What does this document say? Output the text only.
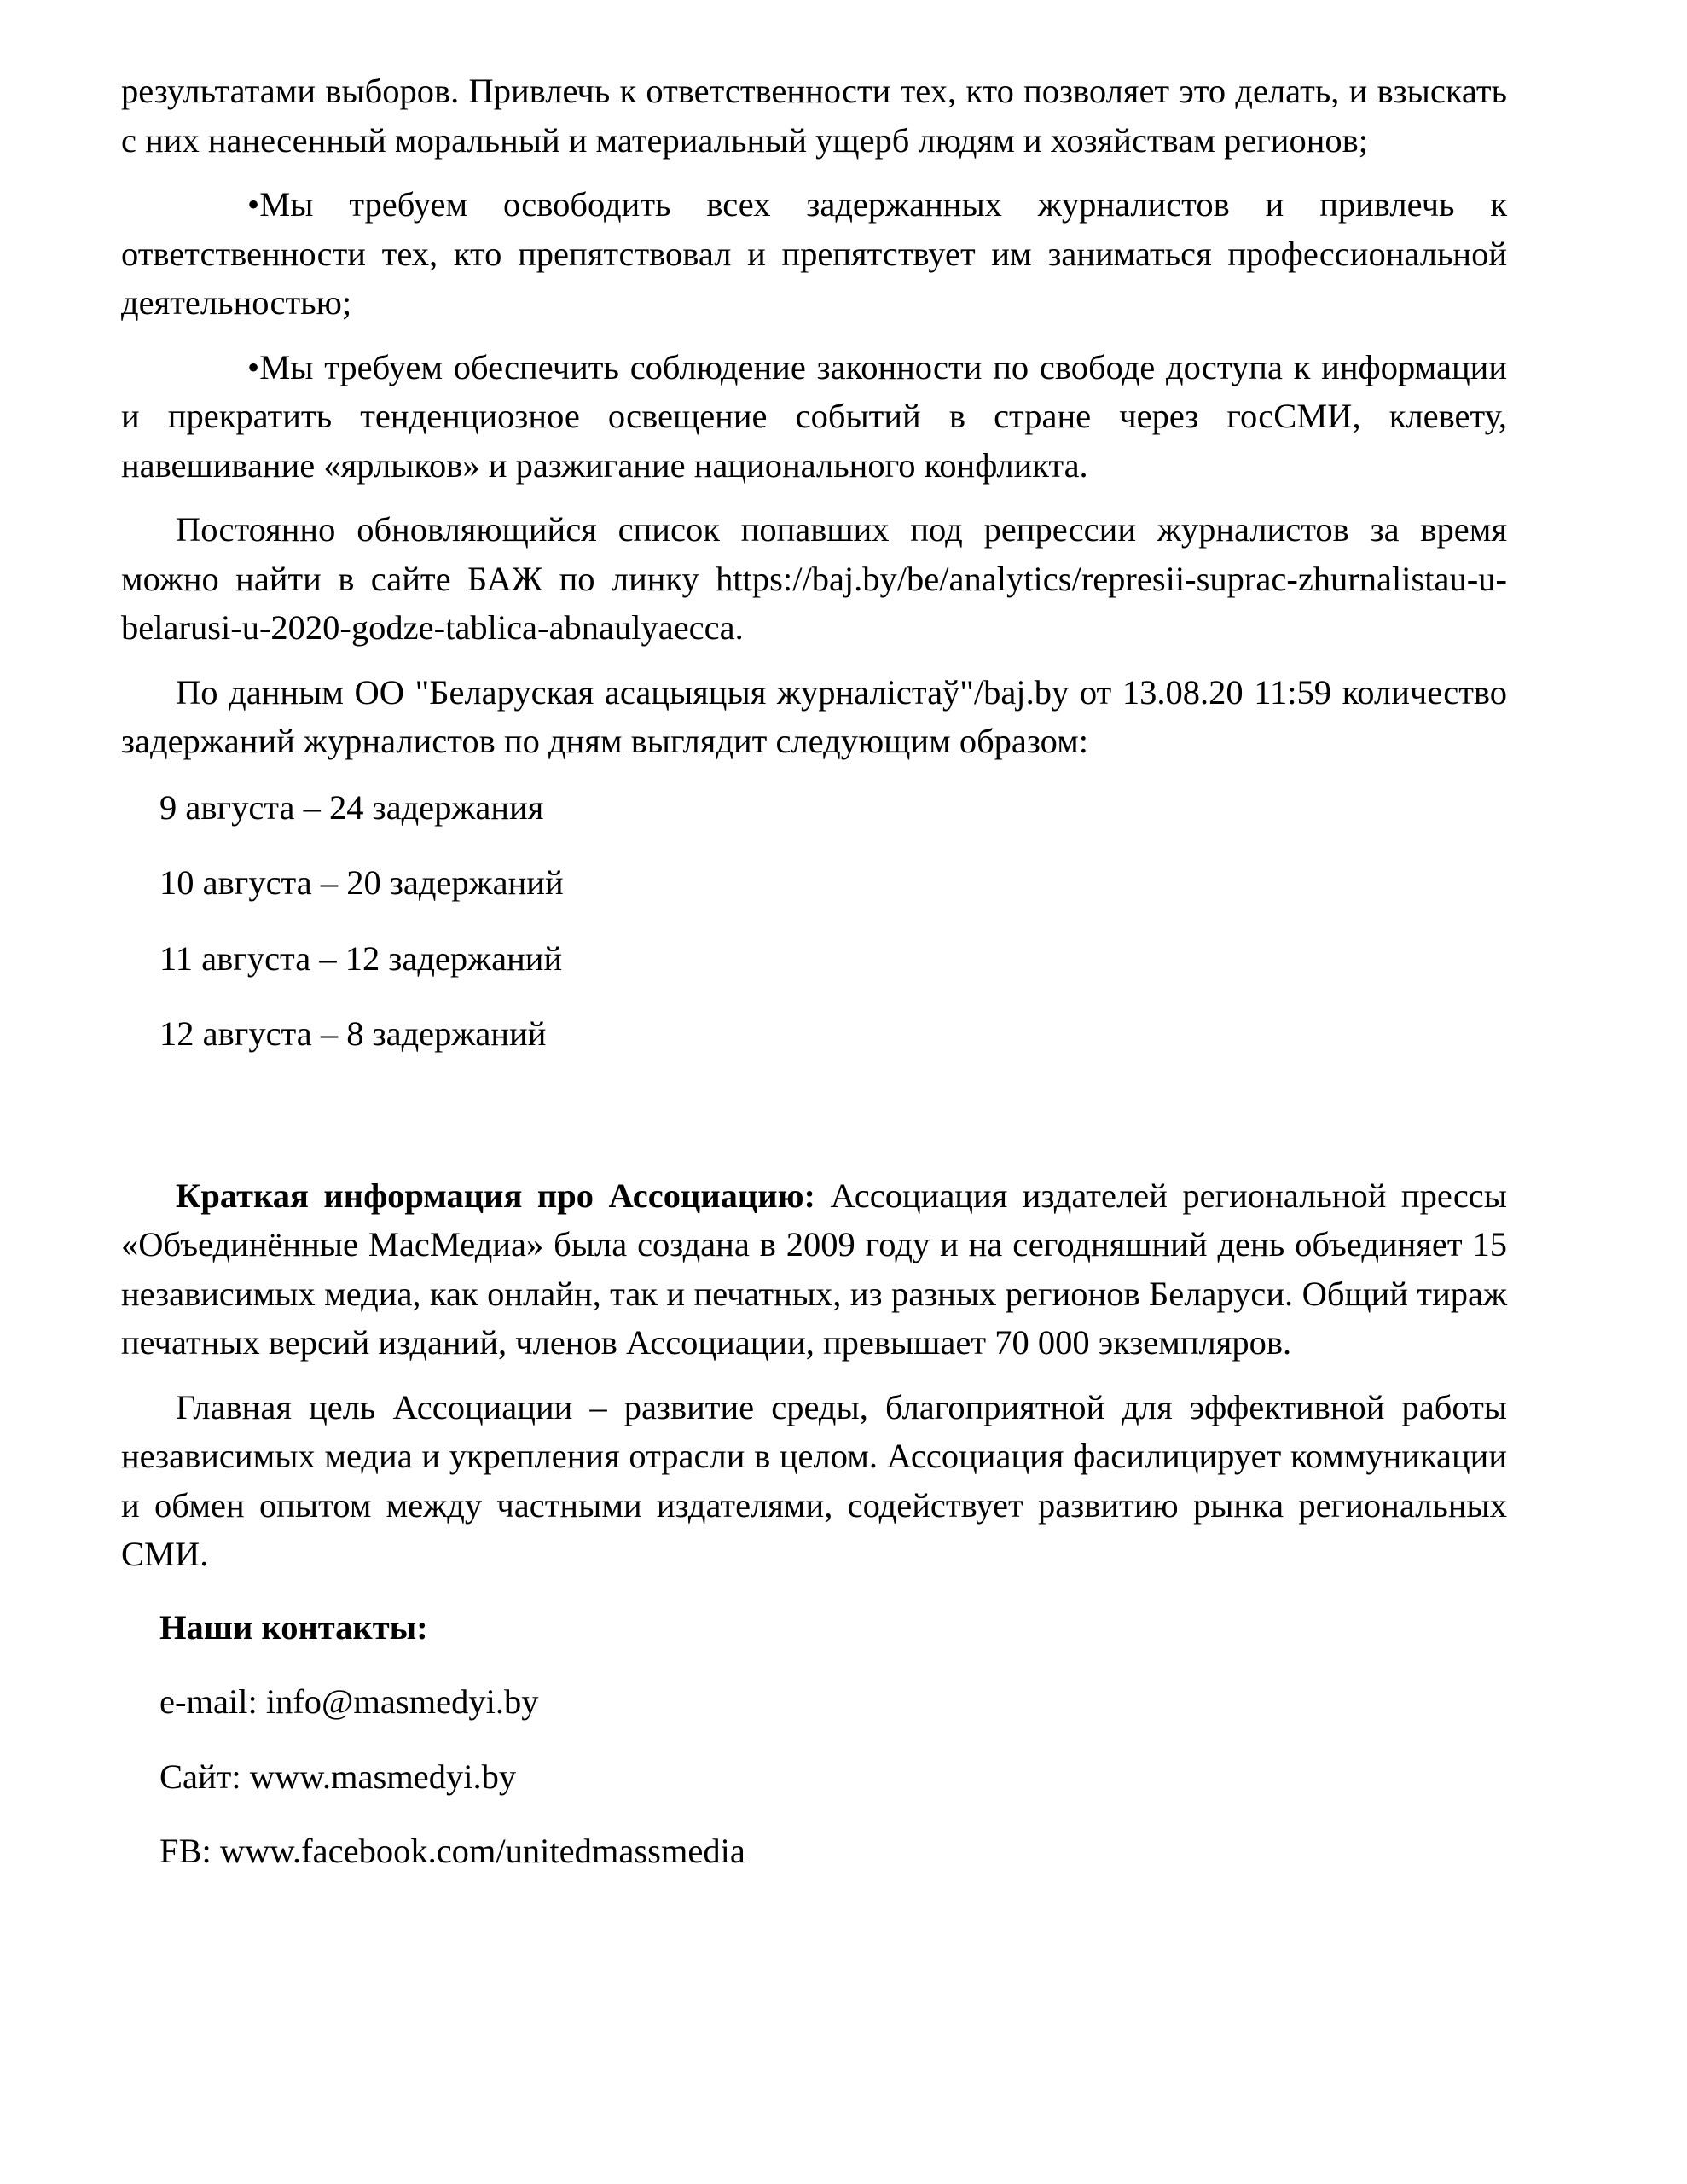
результатами выборов. Привлечь к ответственности тех, кто позволяет это делать, и взыскать с них нанесенный моральный и материальный ущерб людям и хозяйствам регионов;

•Мы требуем освободить всех задержанных журналистов и привлечь к ответственности тех, кто препятствовал и препятствует им заниматься профессиональной деятельностью;

•Мы требуем обеспечить соблюдение законности по свободе доступа к информации и прекратить тенденциозное освещение событий в стране через госСМИ, клевету, навешивание «ярлыков» и разжигание национального конфликта.

Постоянно обновляющийся список попавших под репрессии журналистов за время можно найти в сайте БАЖ по линку https://baj.by/be/analytics/represii-suprac-zhurnalistau-u-belarusi-u-2020-godze-tablica-abnaulyaecca.

По данным ОО "Беларуская асацыяцыя журналістаў"/baj.by от 13.08.20 11:59 количество задержаний журналистов по дням выглядит следующим образом:

9 августа – 24 задержания

10 августа – 20 задержаний

11 августа – 12 задержаний

12 августа – 8 задержаний

Краткая информация про Ассоциацию: Ассоциация издателей региональной прессы «Объединённые МасМедиа» была создана в 2009 году и на сегодняшний день объединяет 15 независимых медиа, как онлайн, так и печатных, из разных регионов Беларуси. Общий тираж печатных версий изданий, членов Ассоциации, превышает 70 000 экземпляров.

Главная цель Ассоциации – развитие среды, благоприятной для эффективной работы независимых медиа и укрепления отрасли в целом. Ассоциация фасилицирует коммуникации и обмен опытом между частными издателями, содействует развитию рынка региональных СМИ.

Наши контакты:

e-mail: info@masmedyi.by

Сайт: www.masmedyi.by

FB: www.facebook.com/unitedmassmedia
